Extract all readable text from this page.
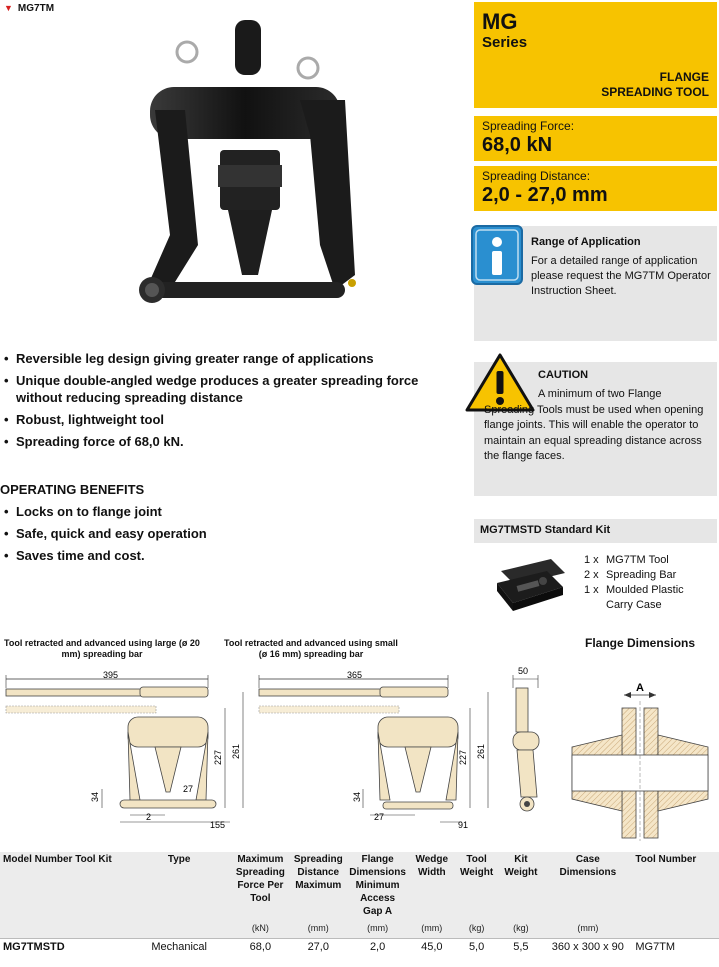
▼ MG7TM
MG
Series
FLANGE
SPREADING TOOL
Spreading Force:
68,0 kN
Spreading Distance:
2,0 - 27,0 mm
Range of Application
For a detailed range of application please request the MG7TM Operator Instruction Sheet.
CAUTION
A minimum of two Flange Spreading Tools must be used when opening flange joints. This will enable the operator to maintain an equal spreading distance across the flange faces.
MG7TMSTD Standard Kit
1 x MG7TM Tool
2 x Spreading Bar
1 x Moulded Plastic Carry Case
• Reversible leg design giving greater range of applications
• Unique double-angled wedge produces a greater spreading force without reducing spreading distance
• Robust, lightweight tool
• Spreading force of 68,0 kN.
OPERATING BENEFITS
• Locks on to flange joint
• Safe, quick and easy operation
• Saves time and cost.
Tool retracted and advanced using large (ø 20 mm) spreading bar
Tool retracted and advanced using small (ø 16 mm) spreading bar
Flange Dimensions
395
227 261
34
27
2
155
365
227 261
34
27
91
50
A
Model Number Tool Kit	Type	Maximum Spreading Force Per Tool	Spreading Distance Maximum	Flange Dimensions Minimum Access Gap A	Wedge Width	Tool Weight	Kit Weight	Case Dimensions	Tool Number
		(kN)	(mm)	(mm)	(mm)	(kg)	(kg)	(mm)	
MG7TMSTD	Mechanical	68,0	27,0	2,0	45,0	5,0	5,5	360 x 300 x 90	MG7TM
